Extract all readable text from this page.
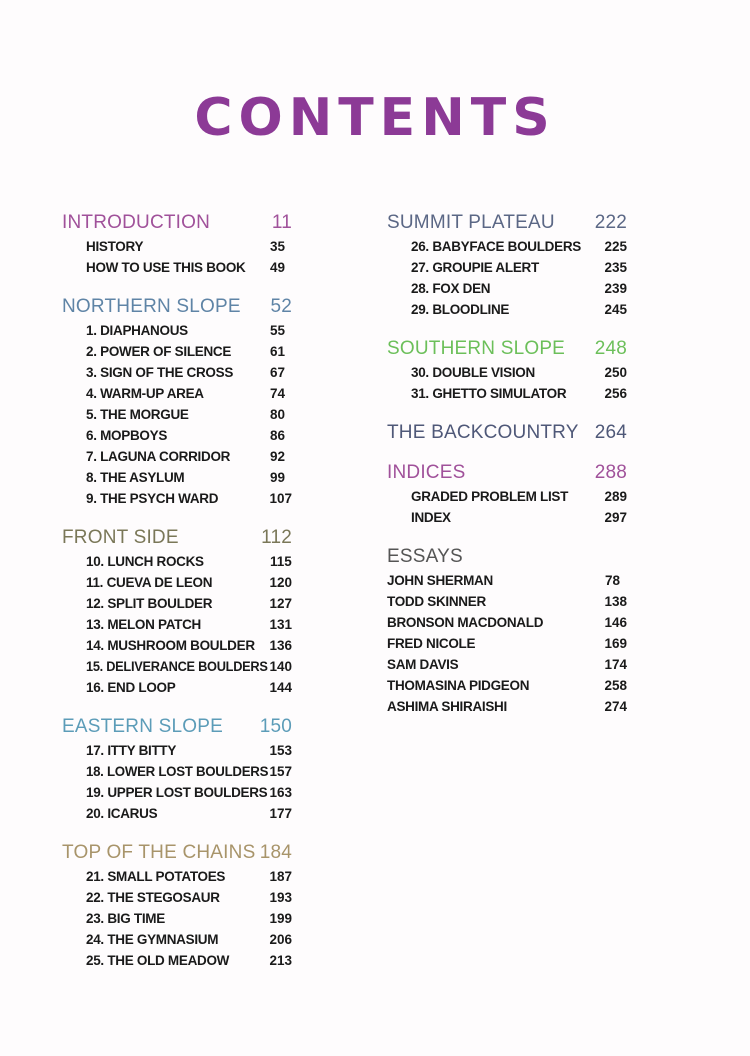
CONTENTS
INTRODUCTION	11
HISTORY	35
HOW TO USE THIS BOOK 49
NORTHERN SLOPE 52
1. DIAPHANOUS	55
2. POWER OF SILENCE	61
3. SIGN OF THE CROSS	67
4. WARM-UP AREA	74
5. THE MORGUE	80
6. MOPBOYS	86
7. LAGUNA CORRIDOR	92
8. THE ASYLUM	99
9. THE PSYCH WARD	107
FRONT SIDE	112
10. LUNCH ROCKS	115
11. CUEVA DE LEON	120
12. SPLIT BOULDER	127
13. MELON PATCH	131
14. MUSHROOM BOULDER 136
15. DELIVERANCE BOULDERS 140
16. END LOOP	144
EASTERN SLOPE 150
17. ITTY BITTY	153
18. LOWER LOST BOULDERS 157
19. UPPER LOST BOULDERS 163
20. ICARUS	177
TOP OF THE CHAINS 184
21. SMALL POTATOES	187
22. THE STEGOSAUR	193
23. BIG TIME	199
24. THE GYMNASIUM	206
25. THE OLD MEADOW	213
SUMMIT PLATEAU 222
26. BABYFACE BOULDERS 225
27. GROUPIE ALERT	235
28. FOX DEN	239
29. BLOODLINE	245
SOUTHERN SLOPE 248
30. DOUBLE VISION	250
31. GHETTO SIMULATOR	256
THE BACKCOUNTRY 264
INDICES	288
GRADED PROBLEM LIST	289
INDEX	297
ESSAYS
JOHN SHERMAN	78
TODD SKINNER	138
BRONSON MACDONALD	146
FRED NICOLE	169
SAM DAVIS	174
THOMASINA PIDGEON	258
ASHIMA SHIRAISHI	274
